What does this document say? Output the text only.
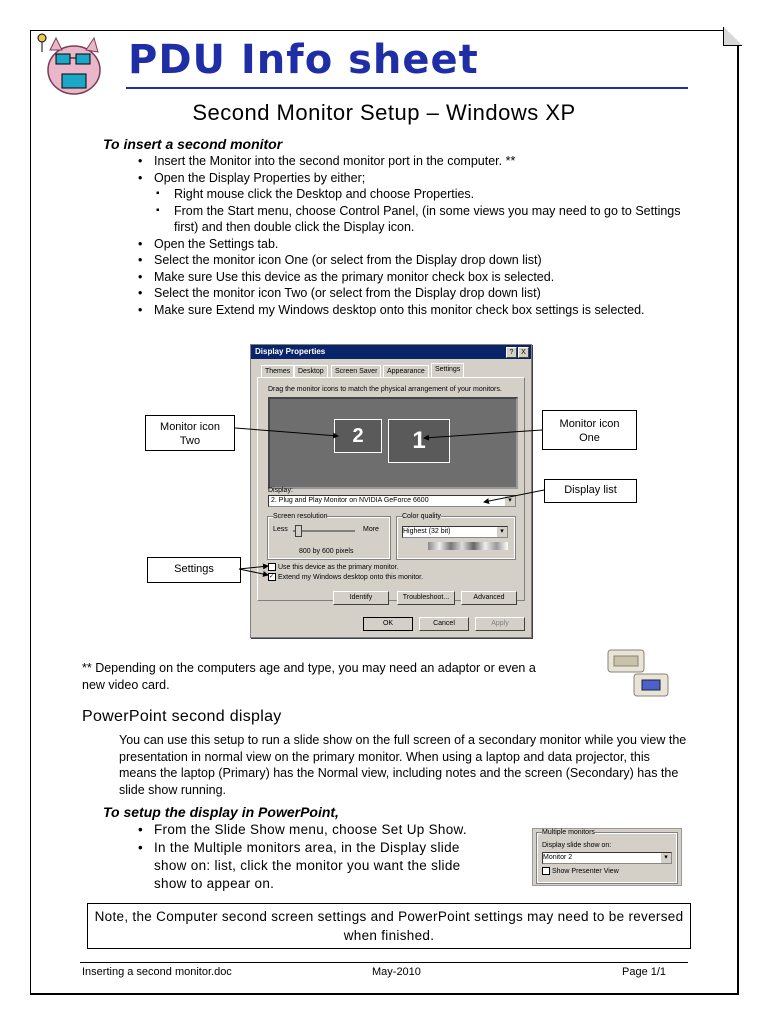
PDU Info sheet
Second Monitor Setup – Windows XP
To insert a second monitor
• Insert the Monitor into the second monitor port in the computer. **
• Open the Display Properties by either;
▪ Right mouse click the Desktop and choose Properties.
▪ From the Start menu, choose Control Panel, (in some views you may need to go to Settings first) and then double click the Display icon.
• Open the Settings tab.
• Select the monitor icon One (or select from the Display drop down list)
• Make sure Use this device as the primary monitor check box is selected.
• Select the monitor icon Two (or select from the Display drop down list)
• Make sure Extend my Windows desktop onto this monitor check box settings is selected.
Display Properties	?	X
Themes	Desktop	Screen Saver	Appearance	Settings
Drag the monitor icons to match the physical arrangement of your monitors.
2	1
Display:
2. Plug and Play Monitor on NVIDIA GeForce 6600	▾
Screen resolution
Less	More
800 by 600 pixels
Color quality
Highest (32 bit)	▾
Use this device as the primary monitor.
✓ Extend my Windows desktop onto this monitor.
Identify	Troubleshoot...	Advanced
OK	Cancel	Apply
Monitor icon
Two
Monitor icon
One
Display list
Settings
** Depending on the computers age and type, you may need an adaptor or even a new video card.
PowerPoint second display
You can use this setup to run a slide show on the full screen of a secondary monitor while you view the presentation in normal view on the primary monitor. When using a laptop and data projector, this means the laptop (Primary) has the Normal view, including notes and the screen (Secondary) has the slide show running.
To setup the display in PowerPoint,
• From the Slide Show menu, choose Set Up Show.
• In the Multiple monitors area, in the Display slide show on: list, click the monitor you want the slide show to appear on.
Multiple monitors
Display slide show on:
Monitor 2	▾
Show Presenter View
Note, the Computer second screen settings and PowerPoint settings may need to be reversed when finished.
Inserting a second monitor.doc	May-2010	Page 1/1
